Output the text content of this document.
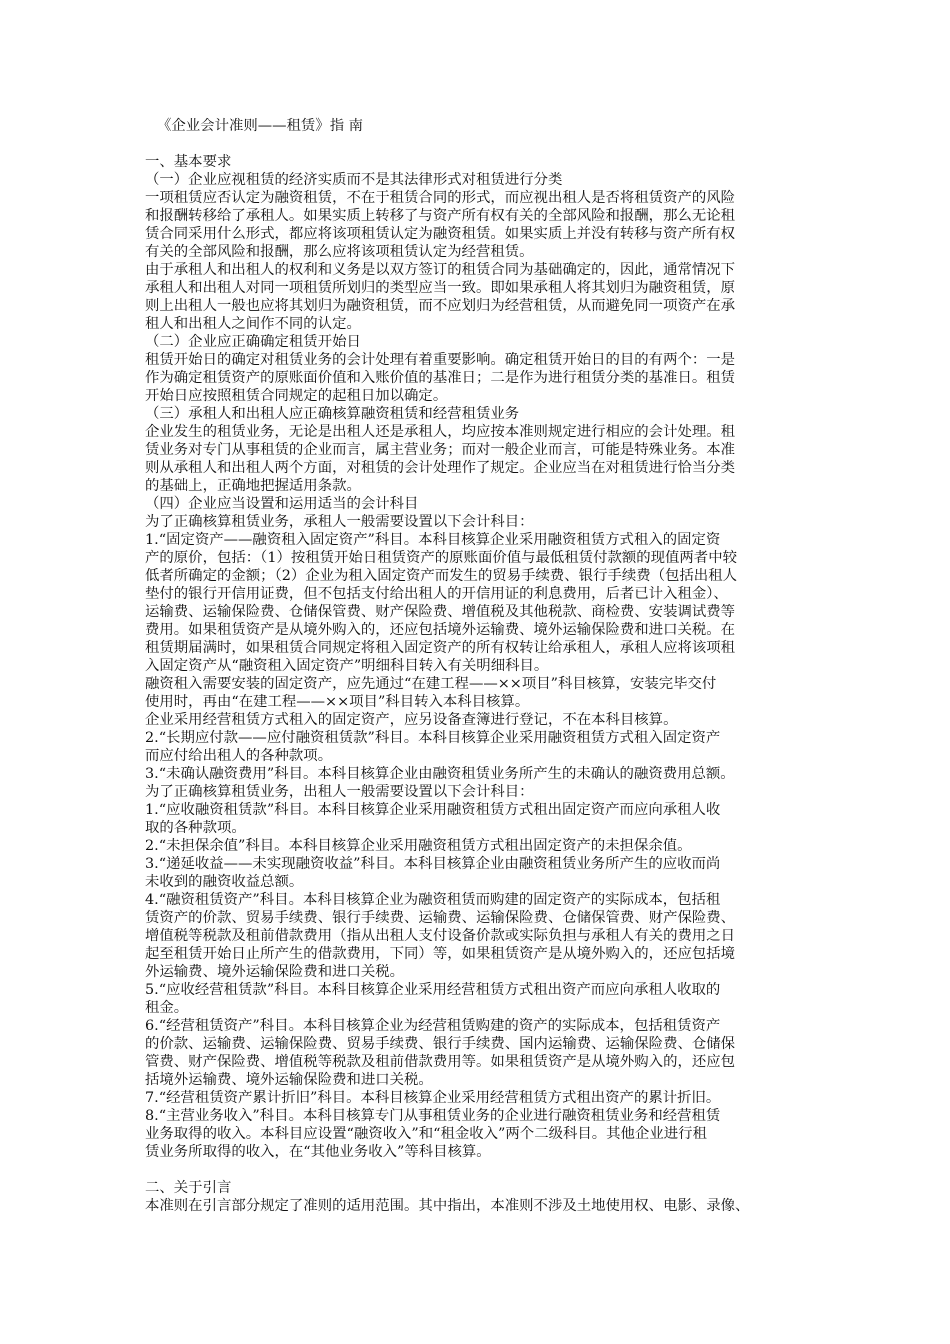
《企业会计准则——租赁》指 南

一、基本要求

（一）企业应视租赁的经济实质而不是其法律形式对租赁进行分类

一项租赁应否认定为融资租赁，不在于租赁合同的形式，而应视出租人是否将租赁资产的风险

和报酬转移给了承租人。如果实质上转移了与资产所有权有关的全部风险和报酬，那么无论租

赁合同采用什么形式，都应将该项租赁认定为融资租赁。如果实质上并没有转移与资产所有权

有关的全部风险和报酬，那么应将该项租赁认定为经营租赁。

由于承租人和出租人的权利和义务是以双方签订的租赁合同为基础确定的，因此，通常情况下

承租人和出租人对同一项租赁所划归的类型应当一致。即如果承租人将其划归为融资租赁，原

则上出租人一般也应将其划归为融资租赁，而不应划归为经营租赁，从而避免同一项资产在承

租人和出租人之间作不同的认定。

（二）企业应正确确定租赁开始日

租赁开始日的确定对租赁业务的会计处理有着重要影响。确定租赁开始日的目的有两个：一是

作为确定租赁资产的原账面价值和入账价值的基准日；二是作为进行租赁分类的基准日。租赁

开始日应按照租赁合同规定的起租日加以确定。

（三）承租人和出租人应正确核算融资租赁和经营租赁业务

企业发生的租赁业务，无论是出租人还是承租人，均应按本准则规定进行相应的会计处理。租

赁业务对专门从事租赁的企业而言，属主营业务；而对一般企业而言，可能是特殊业务。本准

则从承租人和出租人两个方面，对租赁的会计处理作了规定。企业应当在对租赁进行恰当分类

的基础上，正确地把握适用条款。

（四）企业应当设置和运用适当的会计科目

为了正确核算租赁业务，承租人一般需要设置以下会计科目：

1.“固定资产——融资租入固定资产”科目。本科目核算企业采用融资租赁方式租入的固定资

产的原价，包括：（1）按租赁开始日租赁资产的原账面价值与最低租赁付款额的现值两者中较

低者所确定的金额；（2）企业为租入固定资产而发生的贸易手续费、银行手续费（包括出租人

垫付的银行开信用证费，但不包括支付给出租人的开信用证的利息费用，后者已计入租金）、

运输费、运输保险费、仓储保管费、财产保险费、增值税及其他税款、商检费、安装调试费等

费用。如果租赁资产是从境外购入的，还应包括境外运输费、境外运输保险费和进口关税。在

租赁期届满时，如果租赁合同规定将租入固定资产的所有权转让给承租人，承租人应将该项租

入固定资产从“融资租入固定资产”明细科目转入有关明细科目。

融资租入需要安装的固定资产，应先通过“在建工程——××项目”科目核算，安装完毕交付

使用时，再由“在建工程——××项目”科目转入本科目核算。

企业采用经营租赁方式租入的固定资产，应另设备查簿进行登记，不在本科目核算。

2.“长期应付款——应付融资租赁款”科目。本科目核算企业采用融资租赁方式租入固定资产

而应付给出租人的各种款项。

3.“未确认融资费用”科目。本科目核算企业由融资租赁业务所产生的未确认的融资费用总额。

为了正确核算租赁业务，出租人一般需要设置以下会计科目：

1.“应收融资租赁款”科目。本科目核算企业采用融资租赁方式租出固定资产而应向承租人收

取的各种款项。

2.“未担保余值”科目。本科目核算企业采用融资租赁方式租出固定资产的未担保余值。

3.“递延收益——未实现融资收益”科目。本科目核算企业由融资租赁业务所产生的应收而尚

未收到的融资收益总额。

4.“融资租赁资产”科目。本科目核算企业为融资租赁而购建的固定资产的实际成本，包括租

赁资产的价款、贸易手续费、银行手续费、运输费、运输保险费、仓储保管费、财产保险费、

增值税等税款及租前借款费用（指从出租人支付设备价款或实际负担与承租人有关的费用之日

起至租赁开始日止所产生的借款费用，下同）等，如果租赁资产是从境外购入的，还应包括境

外运输费、境外运输保险费和进口关税。

5.“应收经营租赁款”科目。本科目核算企业采用经营租赁方式租出资产而应向承租人收取的

租金。

6.“经营租赁资产”科目。本科目核算企业为经营租赁购建的资产的实际成本，包括租赁资产

的价款、运输费、运输保险费、贸易手续费、银行手续费、国内运输费、运输保险费、仓储保

管费、财产保险费、增值税等税款及租前借款费用等。如果租赁资产是从境外购入的，还应包

括境外运输费、境外运输保险费和进口关税。

7.“经营租赁资产累计折旧”科目。本科目核算企业采用经营租赁方式租出资产的累计折旧。

8.“主营业务收入”科目。本科目核算专门从事租赁业务的企业进行融资租赁业务和经营租赁

业务取得的收入。本科目应设置“融资收入”和“租金收入”两个二级科目。其他企业进行租

赁业务所取得的收入，在“其他业务收入”等科目核算。

二、关于引言

本准则在引言部分规定了准则的适用范围。其中指出，本准则不涉及土地使用权、电影、录像、
